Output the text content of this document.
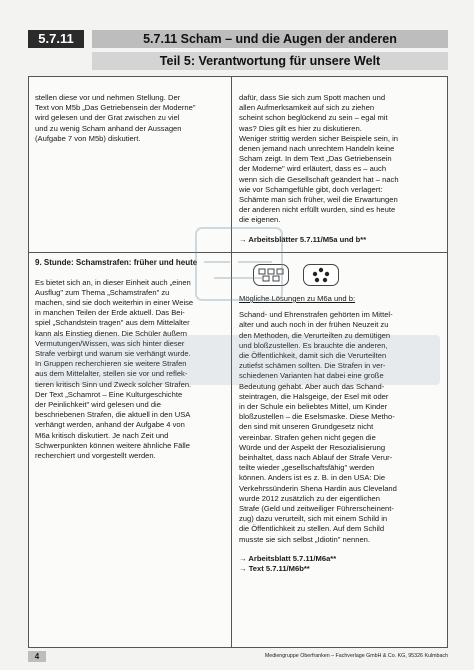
5.7.11	5.7.11 Scham – und die Augen der anderen
Teil 5: Verantwortung für unsere Welt

stellen diese vor und nehmen Stellung. Der

Text von M5b „Das Getriebensein der Moderne"

wird gelesen und der Grat zwischen zu viel

und zu wenig Scham anhand der Aussagen

(Aufgabe 7 von M5b) diskutiert.

dafür, dass Sie sich zum Spott machen und

allen Aufmerksamkeit auf sich zu ziehen

scheint schon beglückend zu sein – egal mit

was? Dies gilt es hier zu diskutieren.

Weniger strittig werden sicher Beispiele sein, in

denen jemand nach unrechtem Handeln keine

Scham zeigt. In dem Text „Das Getriebensein

der Moderne" wird erläutert, dass es – auch

wenn sich die Gesellschaft geändert hat – nach

wie vor Schamgefühle gibt, doch verlagert:

Schämte man sich früher, weil die Erwartungen

der anderen nicht erfüllt wurden, sind es heute

die eigenen.

→ Arbeitsblätter 5.7.11/M5a und b**

9. Stunde: Schamstrafen: früher und heute

Es bietet sich an, in dieser Einheit auch „einen

Ausflug" zum Thema „Schamstrafen" zu

machen, sind sie doch weiterhin in einer Weise

in manchen Teilen der Erde aktuell. Das Bei-

spiel „Schandstein tragen" aus dem Mittelalter

kann als Einstieg dienen. Die Schüler äußern

Vermutungen/Wissen, was sich hinter dieser

Strafe verbirgt und warum sie verhängt wurde.

In Gruppen recherchieren sie weitere Strafen

aus dem Mittelalter, stellen sie vor und reflek-

tieren kritisch Sinn und Zweck solcher Strafen.

Der Text „Schamrot – Eine Kulturgeschichte

der Peinlichkeit" wird gelesen und die

beschriebenen Strafen, die aktuell in den USA

verhängt werden, anhand der Aufgabe 4 von

M6a kritisch diskutiert. Je nach Zeit und

Schwerpunkten können weitere ähnliche Fälle

recherchiert und vorgestellt werden.

Mögliche Lösungen zu M6a und b:

Schand- und Ehrenstrafen gehörten im Mittel-

alter und auch noch in der frühen Neuzeit zu

den Methoden, die Verurteilten zu demütigen

und bloßzustellen. Es brauchte die anderen,

die Öffentlichkeit, damit sich die Verurteilten

zutiefst schämen sollten. Die Strafen in ver-

schiedenen Varianten hat dabei eine große

Bedeutung gehabt. Aber auch das Schand-

steintragen, die Halsgeige, der Esel mit oder

in der Schule ein beliebtes Mittel, um Kinder

bloßzustellen – die Eselsmaske. Diese Metho-

den sind mit unseren Grundgesetz nicht

vereinbar. Strafen gehen nicht gegen die

Würde und der Aspekt der Resozialisierung

beinhaltet, dass nach Ablauf der Strafe Verur-

teilte wieder „gesellschaftsfähig" werden

können. Anders ist es z. B. in den USA: Die

Verkehrssünderin Shena Hardin aus Cleveland

wurde 2012 zusätzlich zu der eigentlichen

Strafe (Geld und zeitweiliger Führerscheinent-

zug) dazu verurteilt, sich mit einem Schild in

die Öffentlichkeit zu stellen. Auf dem Schild

musste sie sich selbst „Idiotin" nennen.

→ Arbeitsblatt 5.7.11/M6a**

→ Text 5.7.11/M6b**

4	Mediengruppe Oberfranken – Fachverlage GmbH & Co. KG, 95326 Kulmbach
